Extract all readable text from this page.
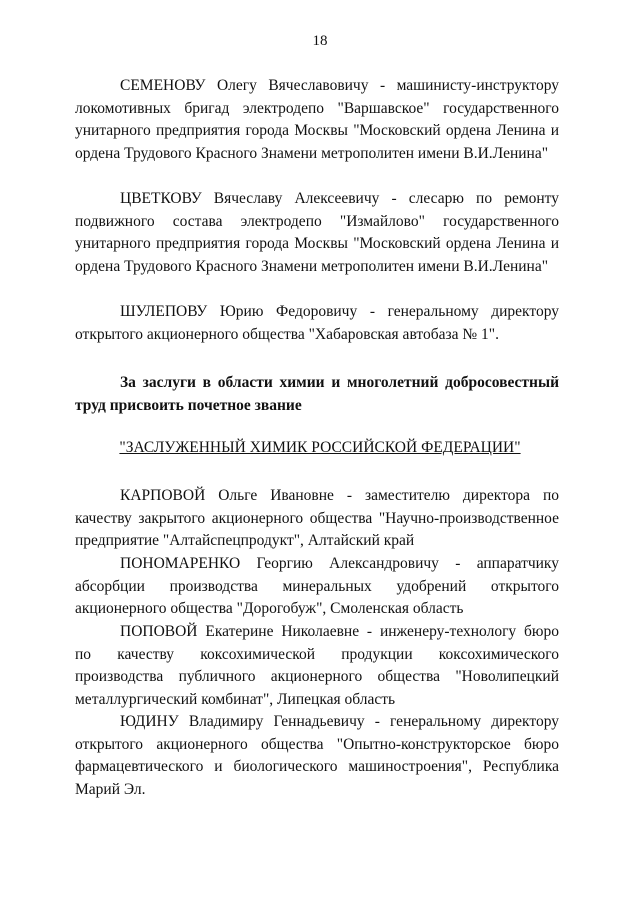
18

СЕМЕНОВУ Олегу Вячеславовичу - машинисту-инструктору локомотивных бригад электродепо "Варшавское" государственного унитарного предприятия города Москвы "Московский ордена Ленина и ордена Трудового Красного Знамени метрополитен имени В.И.Ленина"

ЦВЕТКОВУ Вячеславу Алексеевичу - слесарю по ремонту подвижного состава электродепо "Измайлово" государственного унитарного предприятия города Москвы "Московский ордена Ленина и ордена Трудового Красного Знамени метрополитен имени В.И.Ленина"

ШУЛЕПОВУ Юрию Федоровичу - генеральному директору открытого акционерного общества "Хабаровская автобаза № 1".

За заслуги в области химии и многолетний добросовестный труд присвоить почетное звание

"ЗАСЛУЖЕННЫЙ ХИМИК РОССИЙСКОЙ ФЕДЕРАЦИИ"

КАРПОВОЙ Ольге Ивановне - заместителю директора по качеству закрытого акционерного общества "Научно-производственное предприятие "Алтайспецпродукт", Алтайский край

ПОНОМАРЕНКО Георгию Александровичу - аппаратчику абсорбции производства минеральных удобрений открытого акционерного общества "Дорогобуж", Смоленская область

ПОПОВОЙ Екатерине Николаевне - инженеру-технологу бюро по качеству коксохимической продукции коксохимического производства публичного акционерного общества "Новолипецкий металлургический комбинат", Липецкая область

ЮДИНУ Владимиру Геннадьевичу - генеральному директору открытого акционерного общества "Опытно-конструкторское бюро фармацевтического и биологического машиностроения", Республика Марий Эл.
